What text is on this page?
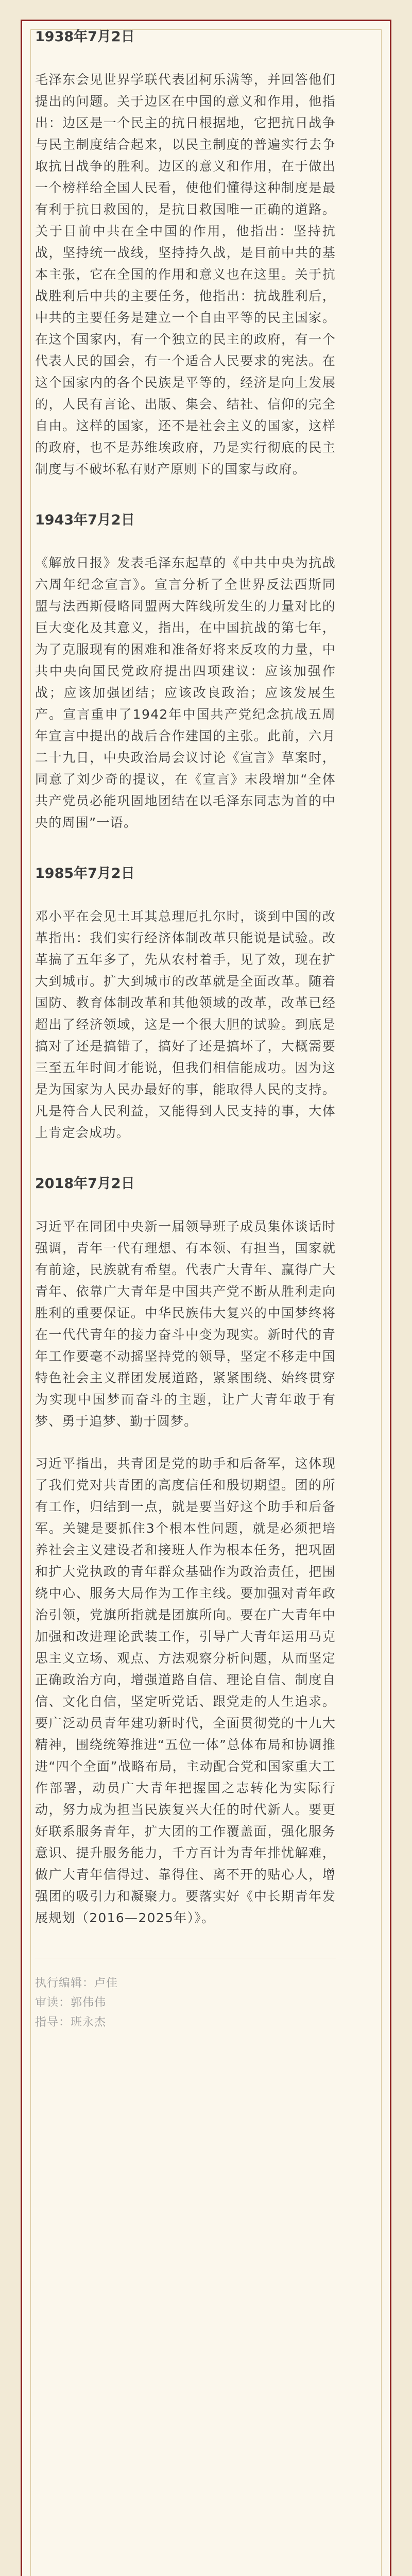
1938年7月2日

毛泽东会见世界学联代表团柯乐满等，并回答他们提出的问题。关于边区在中国的意义和作用，他指出：边区是一个民主的抗日根据地，它把抗日战争与民主制度结合起来，以民主制度的普遍实行去争取抗日战争的胜利。边区的意义和作用，在于做出一个榜样给全国人民看，使他们懂得这种制度是最有利于抗日救国的，是抗日救国唯一正确的道路。关于目前中共在全中国的作用，他指出：坚持抗战，坚持统一战线，坚持持久战，是目前中共的基本主张，它在全国的作用和意义也在这里。关于抗战胜利后中共的主要任务，他指出：抗战胜利后，中共的主要任务是建立一个自由平等的民主国家。在这个国家内，有一个独立的民主的政府，有一个代表人民的国会，有一个适合人民要求的宪法。在这个国家内的各个民族是平等的，经济是向上发展的，人民有言论、出版、集会、结社、信仰的完全自由。这样的国家，还不是社会主义的国家，这样的政府，也不是苏维埃政府，乃是实行彻底的民主制度与不破坏私有财产原则下的国家与政府。

1943年7月2日

《解放日报》发表毛泽东起草的《中共中央为抗战六周年纪念宣言》。宣言分析了全世界反法西斯同盟与法西斯侵略同盟两大阵线所发生的力量对比的巨大变化及其意义，指出，在中国抗战的第七年，为了克服现有的困难和准备好将来反攻的力量，中共中央向国民党政府提出四项建议：应该加强作战；应该加强团结；应该改良政治；应该发展生产。宣言重申了1942年中国共产党纪念抗战五周年宣言中提出的战后合作建国的主张。此前，六月二十九日，中央政治局会议讨论《宣言》草案时，同意了刘少奇的提议，在《宣言》末段增加“全体共产党员必能巩固地团结在以毛泽东同志为首的中央的周围”一语。

1985年7月2日

邓小平在会见土耳其总理厄扎尔时，谈到中国的改革指出：我们实行经济体制改革只能说是试验。改革搞了五年多了，先从农村着手，见了效，现在扩大到城市。扩大到城市的改革就是全面改革。随着国防、教育体制改革和其他领域的改革，改革已经超出了经济领域，这是一个很大胆的试验。到底是搞对了还是搞错了，搞好了还是搞坏了，大概需要三至五年时间才能说，但我们相信能成功。因为这是为国家为人民办最好的事，能取得人民的支持。凡是符合人民利益，又能得到人民支持的事，大体上肯定会成功。

2018年7月2日

习近平在同团中央新一届领导班子成员集体谈话时强调，青年一代有理想、有本领、有担当，国家就有前途，民族就有希望。代表广大青年、赢得广大青年、依靠广大青年是中国共产党不断从胜利走向胜利的重要保证。中华民族伟大复兴的中国梦终将在一代代青年的接力奋斗中变为现实。新时代的青年工作要毫不动摇坚持党的领导，坚定不移走中国特色社会主义群团发展道路，紧紧围绕、始终贯穿为实现中国梦而奋斗的主题，让广大青年敢于有梦、勇于追梦、勤于圆梦。

习近平指出，共青团是党的助手和后备军，这体现了我们党对共青团的高度信任和殷切期望。团的所有工作，归结到一点，就是要当好这个助手和后备军。关键是要抓住3个根本性问题，就是必须把培养社会主义建设者和接班人作为根本任务，把巩固和扩大党执政的青年群众基础作为政治责任，把围绕中心、服务大局作为工作主线。要加强对青年政治引领，党旗所指就是团旗所向。要在广大青年中加强和改进理论武装工作，引导广大青年运用马克思主义立场、观点、方法观察分析问题，从而坚定正确政治方向，增强道路自信、理论自信、制度自信、文化自信，坚定听党话、跟党走的人生追求。要广泛动员青年建功新时代，全面贯彻党的十九大精神，围绕统筹推进“五位一体”总体布局和协调推进“四个全面”战略布局，主动配合党和国家重大工作部署，动员广大青年把握国之志转化为实际行动，努力成为担当民族复兴大任的时代新人。要更好联系服务青年，扩大团的工作覆盖面，强化服务意识、提升服务能力，千方百计为青年排忧解难，做广大青年信得过、靠得住、离不开的贴心人，增强团的吸引力和凝聚力。要落实好《中长期青年发展规划（2016—2025年）》。

执行编辑：卢佳
审读：郭伟伟
指导：班永杰
